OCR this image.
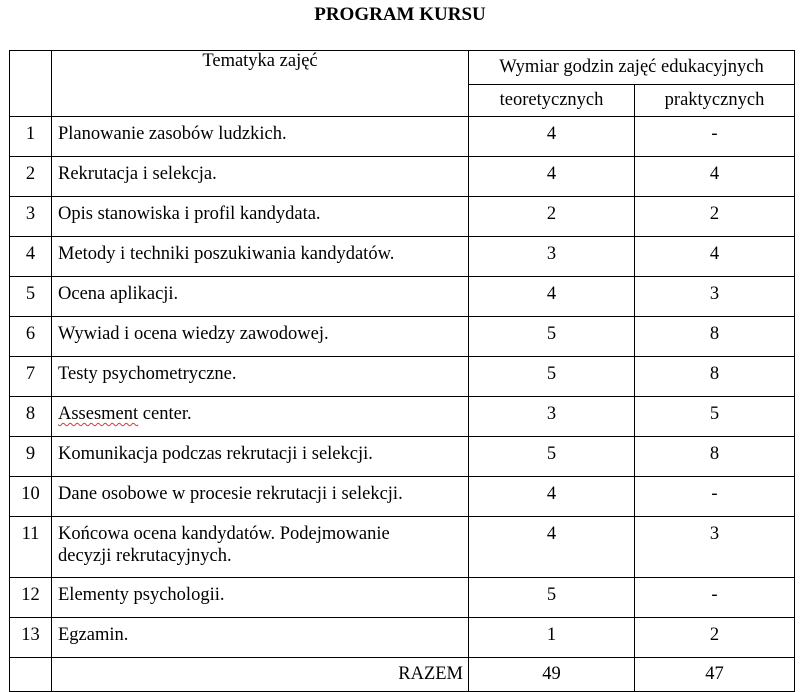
PROGRAM KURSU
	Tematyka zajęć	Wymiar godzin zajęć edukacyjnych	
		teoretycznych	praktycznych
1	Planowanie zasobów ludzkich.	4	-
2	Rekrutacja i selekcja.	4	4
3	Opis stanowiska i profil kandydata.	2	2
4	Metody i techniki poszukiwania kandydatów.	3	4
5	Ocena aplikacji.	4	3
6	Wywiad i ocena wiedzy zawodowej.	5	8
7	Testy psychometryczne.	5	8
8	Assesment center.	3	5
9	Komunikacja podczas rekrutacji i selekcji.	5	8
10	Dane osobowe w procesie rekrutacji i selekcji.	4	-
11	Końcowa ocena kandydatów. Podejmowanie
decyzji rekrutacyjnych.	4	3
12	Elementy psychologii.	5	-
13	Egzamin.	1	2
	RAZEM	49	47
